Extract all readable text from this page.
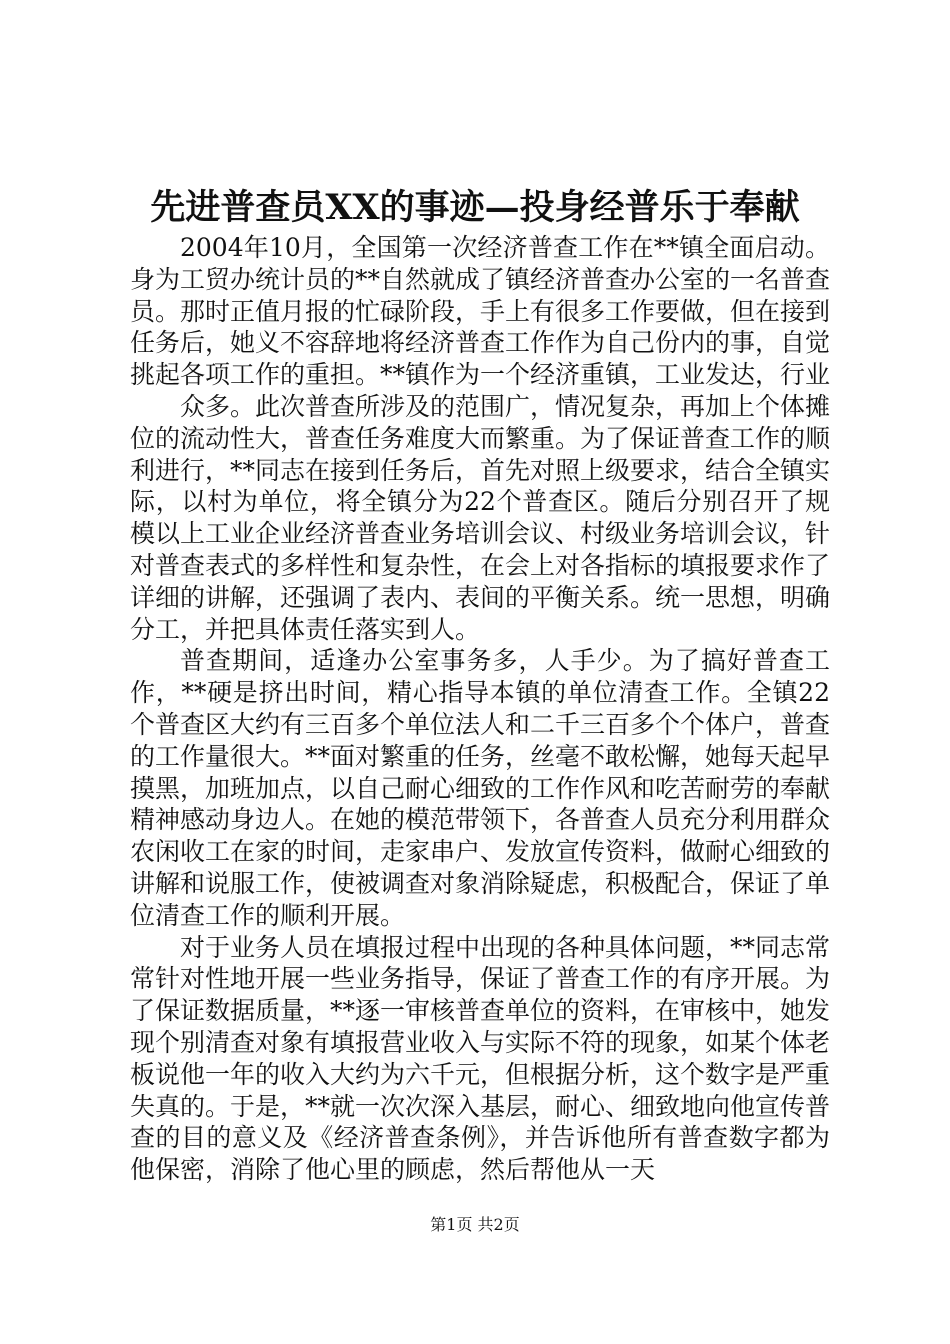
先进普查员XX的事迹—投身经普乐于奉献

2004年10月，全国第一次经济普查工作在**镇全面启动。身为工贸办统计员的**自然就成了镇经济普查办公室的一名普查员。那时正值月报的忙碌阶段，手上有很多工作要做，但在接到任务后，她义不容辞地将经济普查工作作为自己份内的事，自觉挑起各项工作的重担。**镇作为一个经济重镇，工业发达，行业

众多。此次普查所涉及的范围广，情况复杂，再加上个体摊位的流动性大，普查任务难度大而繁重。为了保证普查工作的顺利进行，**同志在接到任务后，首先对照上级要求，结合全镇实际，以村为单位，将全镇分为22个普查区。随后分别召开了规模以上工业企业经济普查业务培训会议、村级业务培训会议，针对普查表式的多样性和复杂性，在会上对各指标的填报要求作了详细的讲解，还强调了表内、表间的平衡关系。统一思想，明确分工，并把具体责任落实到人。

普查期间，适逢办公室事务多，人手少。为了搞好普查工作，**硬是挤出时间，精心指导本镇的单位清查工作。全镇22个普查区大约有三百多个单位法人和二千三百多个个体户，普查的工作量很大。**面对繁重的任务，丝毫不敢松懈，她每天起早摸黑，加班加点，以自己耐心细致的工作作风和吃苦耐劳的奉献精神感动身边人。在她的模范带领下，各普查人员充分利用群众农闲收工在家的时间，走家串户、发放宣传资料，做耐心细致的讲解和说服工作，使被调查对象消除疑虑，积极配合，保证了单位清查工作的顺利开展。

对于业务人员在填报过程中出现的各种具体问题，**同志常常针对性地开展一些业务指导，保证了普查工作的有序开展。为了保证数据质量，**逐一审核普查单位的资料，在审核中，她发现个别清查对象有填报营业收入与实际不符的现象，如某个体老板说他一年的收入大约为六千元，但根据分析，这个数字是严重失真的。于是，**就一次次深入基层，耐心、细致地向他宣传普查的目的意义及《经济普查条例》，并告诉他所有普查数字都为他保密，消除了他心里的顾虑，然后帮他从一天

第1页 共2页
